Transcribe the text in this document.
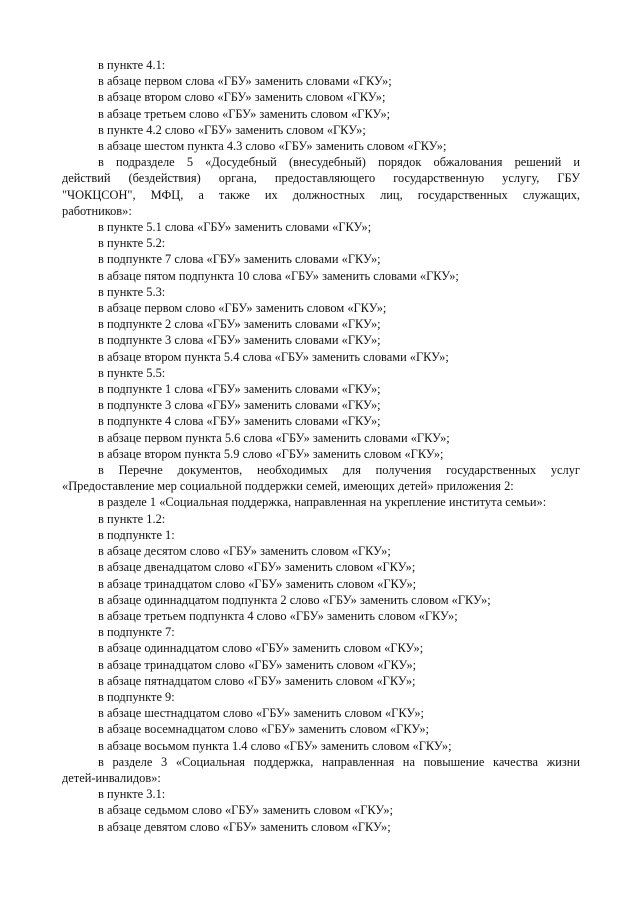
в пункте 4.1:

в абзаце первом слова «ГБУ» заменить словами «ГКУ»;

в абзаце втором слово «ГБУ» заменить словом «ГКУ»;

в абзаце третьем слово «ГБУ» заменить словом «ГКУ»;

в пункте 4.2 слово «ГБУ» заменить словом «ГКУ»;

в абзаце шестом пункта 4.3 слово «ГБУ» заменить словом «ГКУ»;

в подразделе 5 «Досудебный (внесудебный) порядок обжалования решений и

действий (бездействия) органа, предоставляющего государственную услугу, ГБУ

"ЧОКЦСОН", МФЦ, а также их должностных лиц, государственных служащих,

работников»:

в пункте 5.1 слова «ГБУ» заменить словами «ГКУ»;

в пункте 5.2:

в подпункте 7 слова «ГБУ» заменить словами «ГКУ»;

в абзаце пятом подпункта 10 слова «ГБУ» заменить словами «ГКУ»;

в пункте 5.3:

в абзаце первом слово «ГБУ» заменить словом «ГКУ»;

в подпункте 2 слова «ГБУ» заменить словами «ГКУ»;

в подпункте 3 слова «ГБУ» заменить словами «ГКУ»;

в абзаце втором пункта 5.4 слова «ГБУ» заменить словами «ГКУ»;

в пункте 5.5:

в подпункте 1 слова «ГБУ» заменить словами «ГКУ»;

в подпункте 3 слова «ГБУ» заменить словами «ГКУ»;

в подпункте 4 слова «ГБУ» заменить словами «ГКУ»;

в абзаце первом пункта 5.6 слова «ГБУ» заменить словами «ГКУ»;

в абзаце втором пункта 5.9 слово «ГБУ» заменить словом «ГКУ»;

в Перечне документов, необходимых для получения государственных услуг

«Предоставление мер социальной поддержки семей, имеющих детей» приложения 2:

в разделе 1 «Социальная поддержка, направленная на укрепление института семьи»:

в пункте 1.2:

в подпункте 1:

в абзаце десятом слово «ГБУ» заменить словом «ГКУ»;

в абзаце двенадцатом слово «ГБУ» заменить словом «ГКУ»;

в абзаце тринадцатом слово «ГБУ» заменить словом «ГКУ»;

в абзаце одиннадцатом подпункта 2 слово «ГБУ» заменить словом «ГКУ»;

в абзаце третьем подпункта 4 слово «ГБУ» заменить словом «ГКУ»;

в подпункте 7:

в абзаце одиннадцатом слово «ГБУ» заменить словом «ГКУ»;

в абзаце тринадцатом слово «ГБУ» заменить словом «ГКУ»;

в абзаце пятнадцатом слово «ГБУ» заменить словом «ГКУ»;

в подпункте 9:

в абзаце шестнадцатом слово «ГБУ» заменить словом «ГКУ»;

в абзаце восемнадцатом слово «ГБУ» заменить словом «ГКУ»;

в абзаце восьмом пункта 1.4 слово «ГБУ» заменить словом «ГКУ»;

в разделе 3 «Социальная поддержка, направленная на повышение качества жизни

детей-инвалидов»:

в пункте 3.1:

в абзаце седьмом слово «ГБУ» заменить словом «ГКУ»;

в абзаце девятом слово «ГБУ» заменить словом «ГКУ»;
